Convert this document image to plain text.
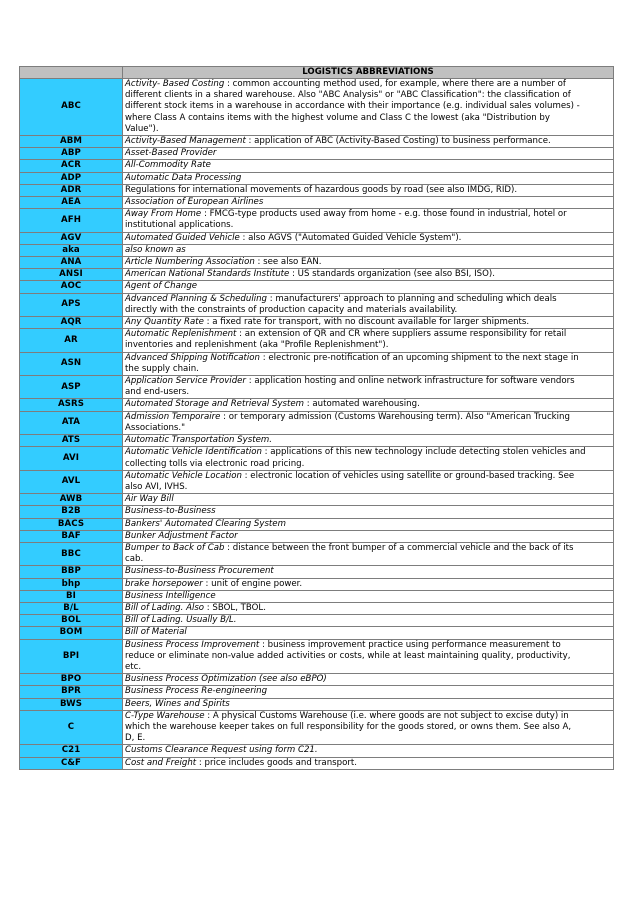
	LOGISTICS ABBREVIATIONS
ABC	Activity- Based Costing : common accounting method used, for example, where there are a number of
different clients in a shared warehouse. Also "ABC Analysis" or "ABC Classification": the classification of
different stock items in a warehouse in accordance with their importance (e.g. individual sales volumes) -
where Class A contains items with the highest volume and Class C the lowest (aka "Distribution by
Value").

ABM	Activity-Based Management : application of ABC (Activity-Based Costing) to business performance.

ABP	Asset-Based Provider

ACR	All-Commodity Rate

ADP	Automatic Data Processing

ADR	Regulations for international movements of hazardous goods by road (see also IMDG, RID).

AEA	Association of European Airlines

AFH	Away From Home : FMCG-type products used away from home - e.g. those found in industrial, hotel or
institutional applications.

AGV	Automated Guided Vehicle : also AGVS ("Automated Guided Vehicle System").

aka	also known as

ANA	Article Numbering Association : see also EAN.

ANSI	American National Standards Institute : US standards organization (see also BSI, ISO).

AOC	Agent of Change

APS	Advanced Planning & Scheduling : manufacturers' approach to planning and scheduling which deals
directly with the constraints of production capacity and materials availability.

AQR	Any Quantity Rate : a fixed rate for transport, with no discount available for larger shipments.

AR	Automatic Replenishment : an extension of QR and CR where suppliers assume responsibility for retail
inventories and replenishment (aka "Profile Replenishment").

ASN	Advanced Shipping Notification : electronic pre-notification of an upcoming shipment to the next stage in
the supply chain.

ASP	Application Service Provider : application hosting and online network infrastructure for software vendors
and end-users.

ASRS	Automated Storage and Retrieval System : automated warehousing.

ATA	Admission Temporaire : or temporary admission (Customs Warehousing term). Also "American Trucking
Associations."

ATS	Automatic Transportation System.

AVI	Automatic Vehicle Identification : applications of this new technology include detecting stolen vehicles and
collecting tolls via electronic road pricing.

AVL	Automatic Vehicle Location : electronic location of vehicles using satellite or ground-based tracking. See
also AVI, IVHS.

AWB	Air Way Bill

B2B	Business-to-Business

BACS	Bankers' Automated Clearing System

BAF	Bunker Adjustment Factor

BBC	Bumper to Back of Cab : distance between the front bumper of a commercial vehicle and the back of its
cab.

BBP	Business-to-Business Procurement

bhp	brake horsepower : unit of engine power.

BI	Business Intelligence

B/L	Bill of Lading. Also : SBOL, TBOL.

BOL	Bill of Lading. Usually B/L.

BOM	Bill of Material

BPI	Business Process Improvement : business improvement practice using performance measurement to
reduce or eliminate non-value added activities or costs, while at least maintaining quality, productivity,
etc.

BPO	Business Process Optimization (see also eBPO)

BPR	Business Process Re-engineering

BWS	Beers, Wines and Spirits

C	C-Type Warehouse : A physical Customs Warehouse (i.e. where goods are not subject to excise duty) in
which the warehouse keeper takes on full responsibility for the goods stored, or owns them. See also A,
D, E.

C21	Customs Clearance Request using form C21.

C&F	Cost and Freight : price includes goods and transport.
